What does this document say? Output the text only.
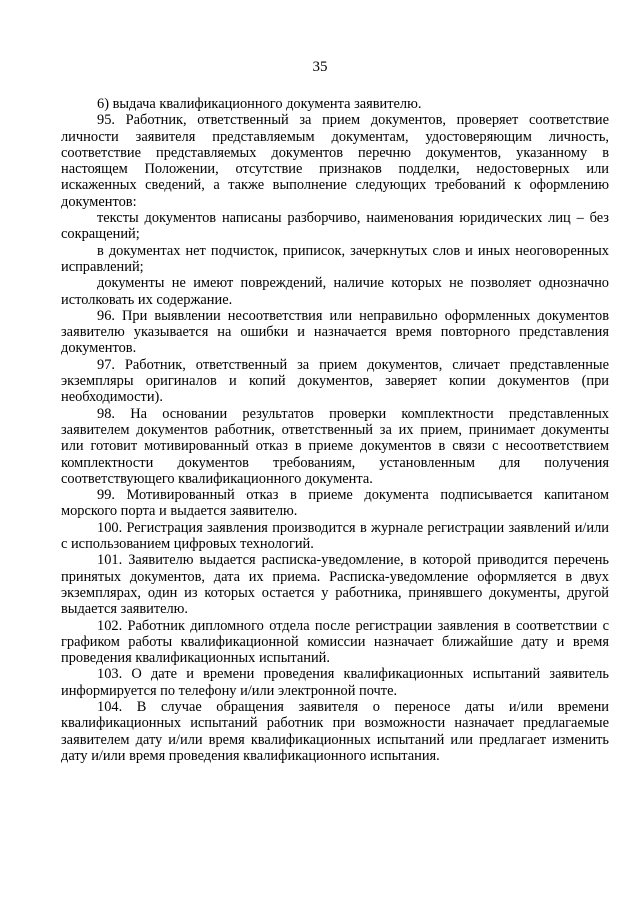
35

6) выдача квалификационного документа заявителю.

95. Работник, ответственный за прием документов, проверяет соответствие личности заявителя представляемым документам, удостоверяющим личность, соответствие представляемых документов перечню документов, указанному в настоящем Положении, отсутствие признаков подделки, недостоверных или искаженных сведений, а также выполнение следующих требований к оформлению документов:

тексты документов написаны разборчиво, наименования юридических лиц – без сокращений;

в документах нет подчисток, приписок, зачеркнутых слов и иных неоговоренных исправлений;

документы не имеют повреждений, наличие которых не позволяет однозначно истолковать их содержание.

96. При выявлении несоответствия или неправильно оформленных документов заявителю указывается на ошибки и назначается время повторного представления документов.

97. Работник, ответственный за прием документов, сличает представленные экземпляры оригиналов и копий документов, заверяет копии документов (при необходимости).

98. На основании результатов проверки комплектности представленных заявителем документов работник, ответственный за их прием, принимает документы или готовит мотивированный отказ в приеме документов в связи с несоответствием комплектности документов требованиям, установленным для получения соответствующего квалификационного документа.

99. Мотивированный отказ в приеме документа подписывается капитаном морского порта и выдается заявителю.

100. Регистрация заявления производится в журнале регистрации заявлений и/или с использованием цифровых технологий.

101. Заявителю выдается расписка-уведомление, в которой приводится перечень принятых документов, дата их приема. Расписка-уведомление оформляется в двух экземплярах, один из которых остается у работника, принявшего документы, другой выдается заявителю.

102. Работник дипломного отдела после регистрации заявления в соответствии с графиком работы квалификационной комиссии назначает ближайшие дату и время проведения квалификационных испытаний.

103. О дате и времени проведения квалификационных испытаний заявитель информируется по телефону и/или электронной почте.

104. В случае обращения заявителя о переносе даты и/или времени квалификационных испытаний работник при возможности назначает предлагаемые заявителем дату и/или время квалификационных испытаний или предлагает изменить дату и/или время проведения квалификационного испытания.
